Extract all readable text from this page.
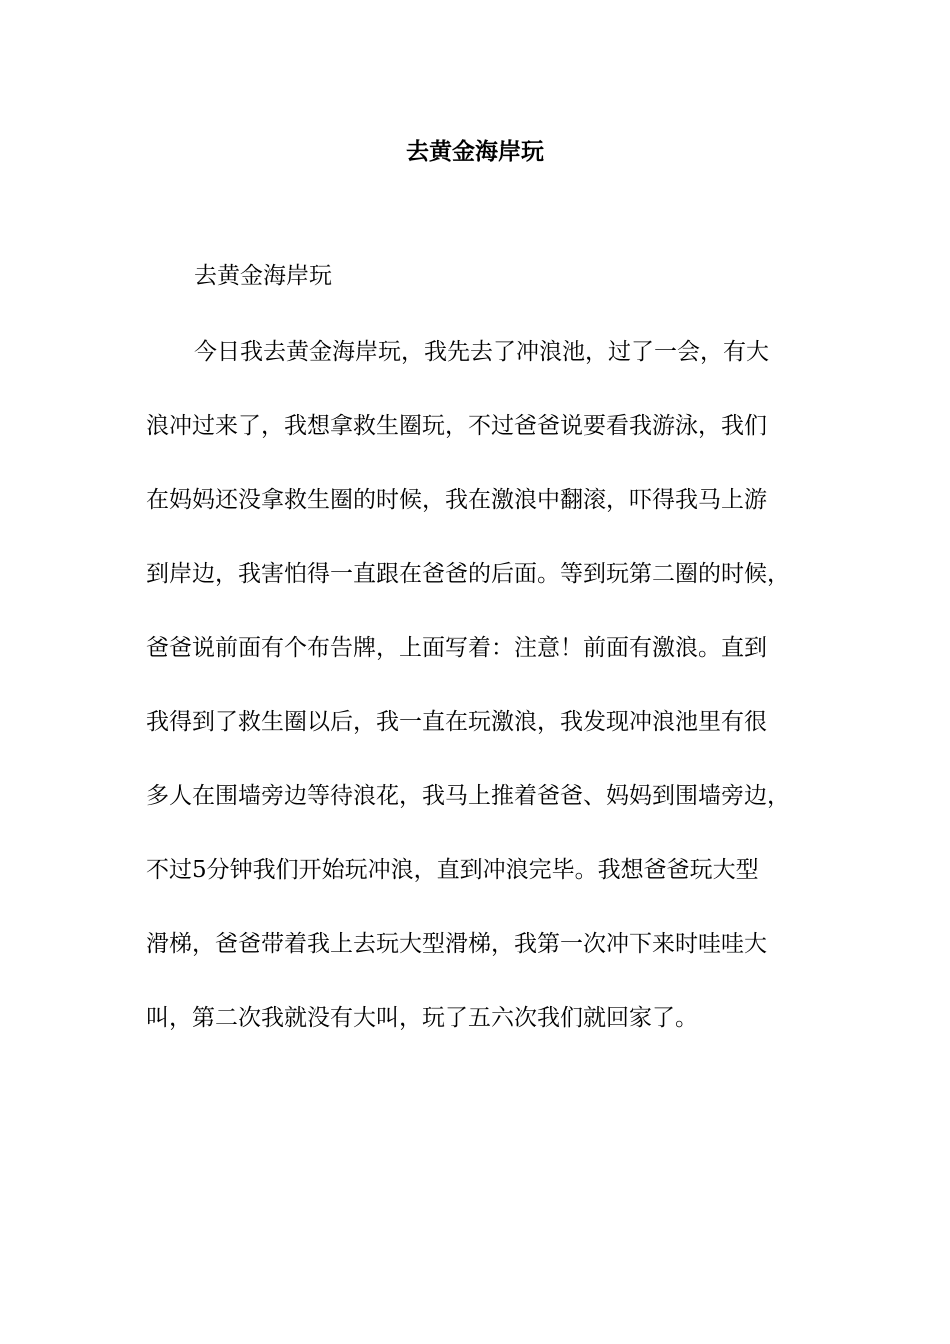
去黄金海岸玩

去黄金海岸玩

今日我去黄金海岸玩，我先去了冲浪池，过了一会，有大
浪冲过来了，我想拿救生圈玩，不过爸爸说要看我游泳，我们
在妈妈还没拿救生圈的时候，我在激浪中翻滚，吓得我马上游
到岸边，我害怕得一直跟在爸爸的后面。等到玩第二圈的时候，
爸爸说前面有个布告牌，上面写着：注意！前面有激浪。直到
我得到了救生圈以后，我一直在玩激浪，我发现冲浪池里有很
多人在围墙旁边等待浪花，我马上推着爸爸、妈妈到围墙旁边，
不过5分钟我们开始玩冲浪，直到冲浪完毕。我想爸爸玩大型
滑梯，爸爸带着我上去玩大型滑梯，我第一次冲下来时哇哇大
叫，第二次我就没有大叫，玩了五六次我们就回家了。
